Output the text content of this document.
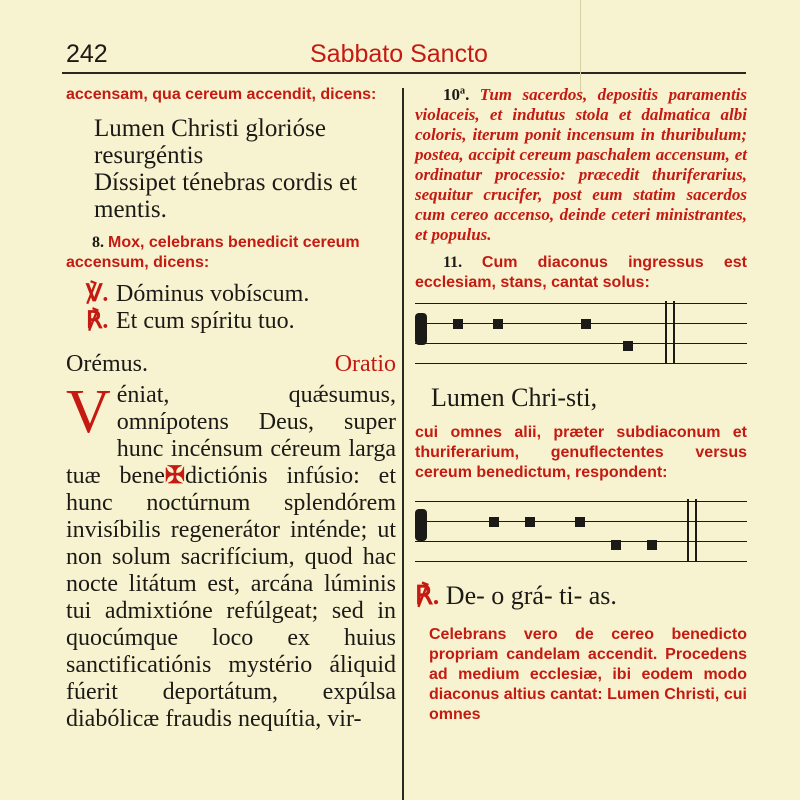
242	Sabbato Sancto
accensam, qua cereum accendit, dicens:
Lumen Christi glorióse resurgéntis
Díssipet ténebras cordis et mentis.
8. Mox, celebrans benedicit cereum accensum, dicens:
℣. Dóminus vobíscum.
℟. Et cum spíritu tuo.
Orémus.	Oratio
Véniat, quǽsumus, omnípotens Deus, super hunc incénsum céreum larga tuæ bene✠dictiónis infúsio: et hunc noctúrnum splendórem invisíbilis regenerátor inténde; ut non solum sacrifícium, quod hac nocte litátum est, arcána lúminis tui admixtióne refúlgeat; sed in quocúmque loco ex huius sanctificatiónis mystério áliquid fúerit deportátum, expúlsa diabólicæ fraudis nequítia, vir-
10ª. Tum sacerdos, depositis paramentis violaceis, et indutus stola et dalmatica albi coloris, iterum ponit incensum in thuribulum; postea, accipit cereum paschalem accensum, et ordinatur processio: præcedit thuriferarius, sequitur crucifer, post eum statim sacerdos cum cereo accenso, deinde ceteri ministrantes, et populus.
11. Cum diaconus ingressus est ecclesiam, stans, cantat solus:
Lumen Chri-sti,
cui omnes alii, præter subdiaconum et thuriferarium, genuflectentes versus cereum benedictum, respondent:
℟. De- o grá- ti- as.
Celebrans vero de cereo benedicto propriam candelam accendit. Procedens ad medium ecclesiæ, ibi eodem modo diaconus altius cantat: Lumen Christi, cui omnes
